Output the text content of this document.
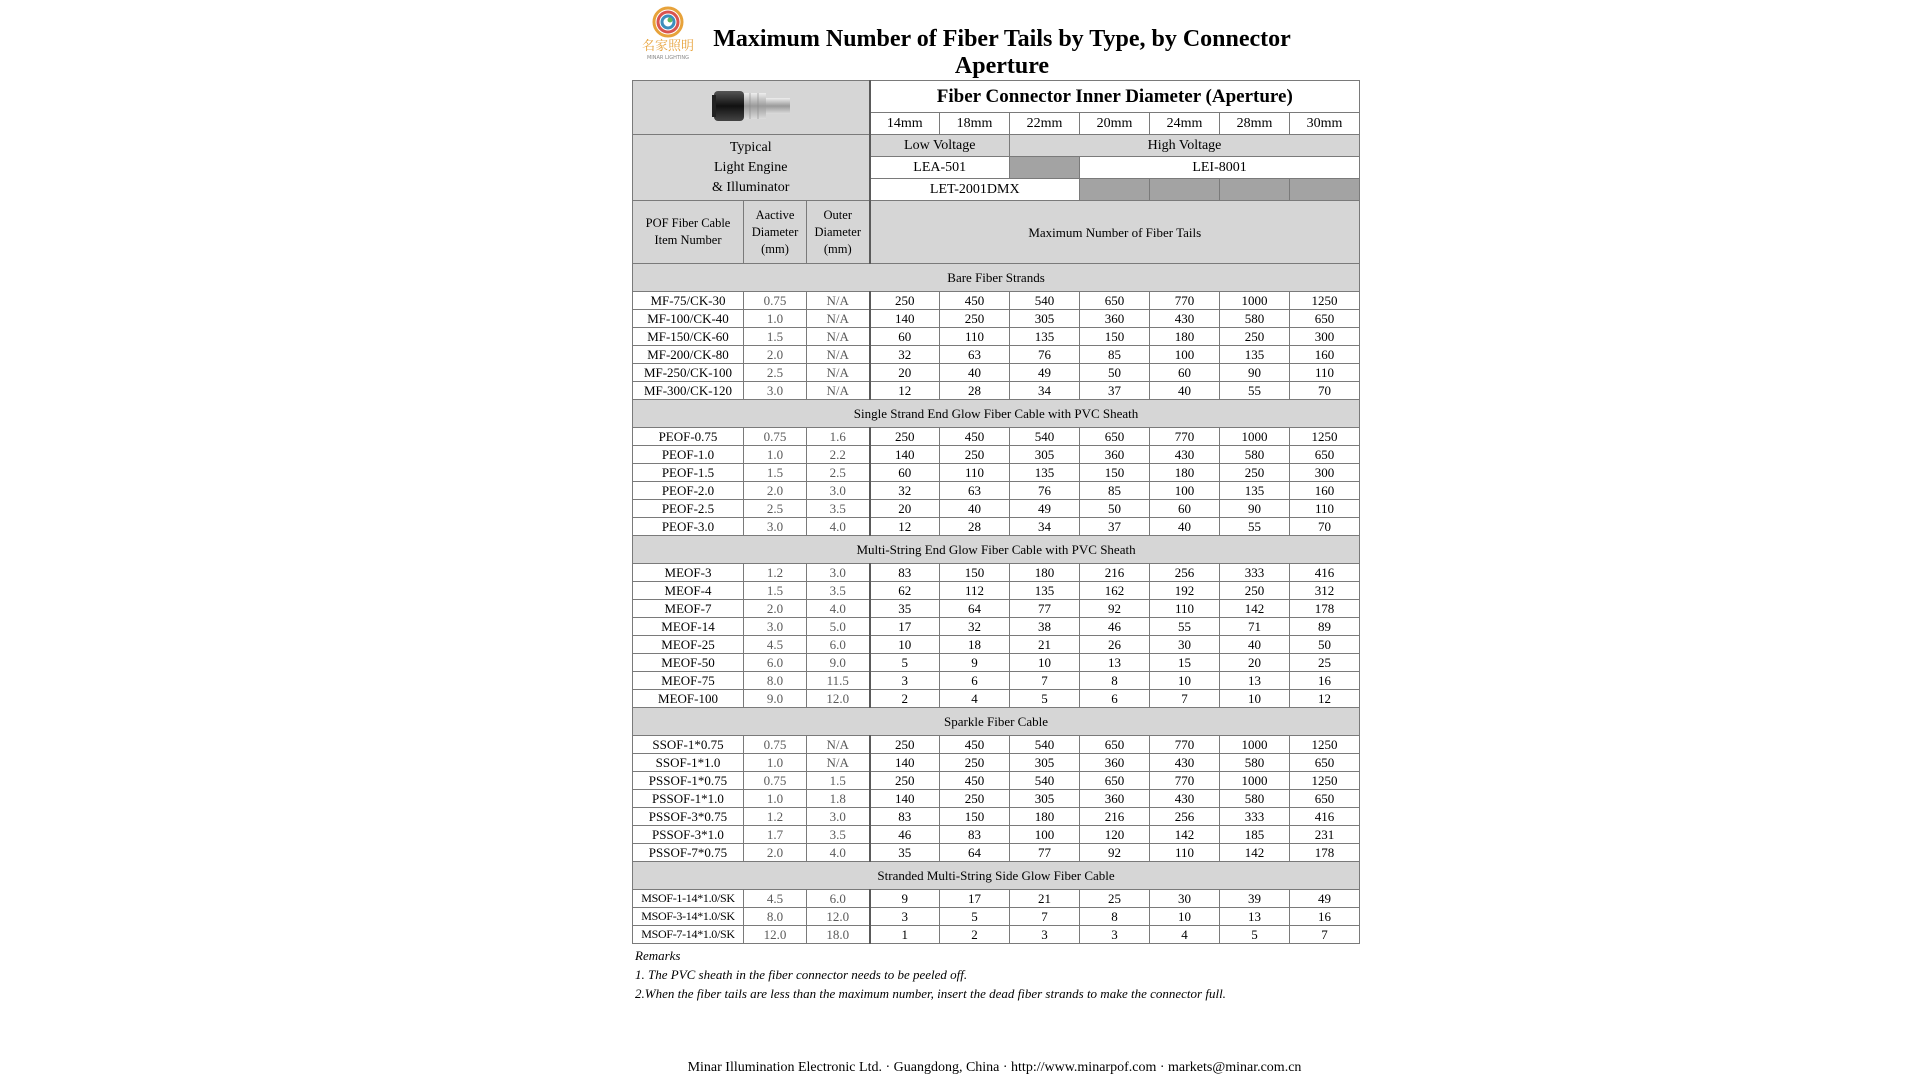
名家照明
MINAR LIGHTING
Maximum Number of Fiber Tails by Type, by Connector Aperture
	Fiber Connector Inner Diameter (Aperture)						
			14mm	18mm	22mm	20mm	24mm	28mm	30mm
Typical
Light Engine
& Illuminator			Low Voltage		High Voltage				
			LEA-501			LEI-8001			
			LET-2001DMX						
POF Fiber Cable
Item Number	Aactive
Diameter
(mm)	Outer
Diameter
(mm)	Maximum Number of Fiber Tails						
Bare Fiber Strands									
MF-75/CK-30	0.75	N/A	250	450	540	650	770	1000	1250
MF-100/CK-40	1.0	N/A	140	250	305	360	430	580	650
MF-150/CK-60	1.5	N/A	60	110	135	150	180	250	300
MF-200/CK-80	2.0	N/A	32	63	76	85	100	135	160
MF-250/CK-100	2.5	N/A	20	40	49	50	60	90	110
MF-300/CK-120	3.0	N/A	12	28	34	37	40	55	70
Single Strand End Glow Fiber Cable with PVC Sheath									
PEOF-0.75	0.75	1.6	250	450	540	650	770	1000	1250
PEOF-1.0	1.0	2.2	140	250	305	360	430	580	650
PEOF-1.5	1.5	2.5	60	110	135	150	180	250	300
PEOF-2.0	2.0	3.0	32	63	76	85	100	135	160
PEOF-2.5	2.5	3.5	20	40	49	50	60	90	110
PEOF-3.0	3.0	4.0	12	28	34	37	40	55	70
Multi-String End Glow Fiber Cable with PVC Sheath									
MEOF-3	1.2	3.0	83	150	180	216	256	333	416
MEOF-4	1.5	3.5	62	112	135	162	192	250	312
MEOF-7	2.0	4.0	35	64	77	92	110	142	178
MEOF-14	3.0	5.0	17	32	38	46	55	71	89
MEOF-25	4.5	6.0	10	18	21	26	30	40	50
MEOF-50	6.0	9.0	5	9	10	13	15	20	25
MEOF-75	8.0	11.5	3	6	7	8	10	13	16
MEOF-100	9.0	12.0	2	4	5	6	7	10	12
Sparkle Fiber Cable									
SSOF-1*0.75	0.75	N/A	250	450	540	650	770	1000	1250
SSOF-1*1.0	1.0	N/A	140	250	305	360	430	580	650
PSSOF-1*0.75	0.75	1.5	250	450	540	650	770	1000	1250
PSSOF-1*1.0	1.0	1.8	140	250	305	360	430	580	650
PSSOF-3*0.75	1.2	3.0	83	150	180	216	256	333	416
PSSOF-3*1.0	1.7	3.5	46	83	100	120	142	185	231
PSSOF-7*0.75	2.0	4.0	35	64	77	92	110	142	178
Stranded Multi-String Side Glow Fiber Cable									
MSOF-1-14*1.0/SK	4.5	6.0	9	17	21	25	30	39	49
MSOF-3-14*1.0/SK	8.0	12.0	3	5	7	8	10	13	16
MSOF-7-14*1.0/SK	12.0	18.0	1	2	3	3	4	5	7
Remarks
1. The PVC sheath in the fiber connector needs to be peeled off.
2.When the fiber tails are less than the maximum number, insert the dead fiber strands to make the connector full.
Minar Illumination Electronic Ltd. · Guangdong, China · http://www.minarpof.com · markets@minar.com.cn
